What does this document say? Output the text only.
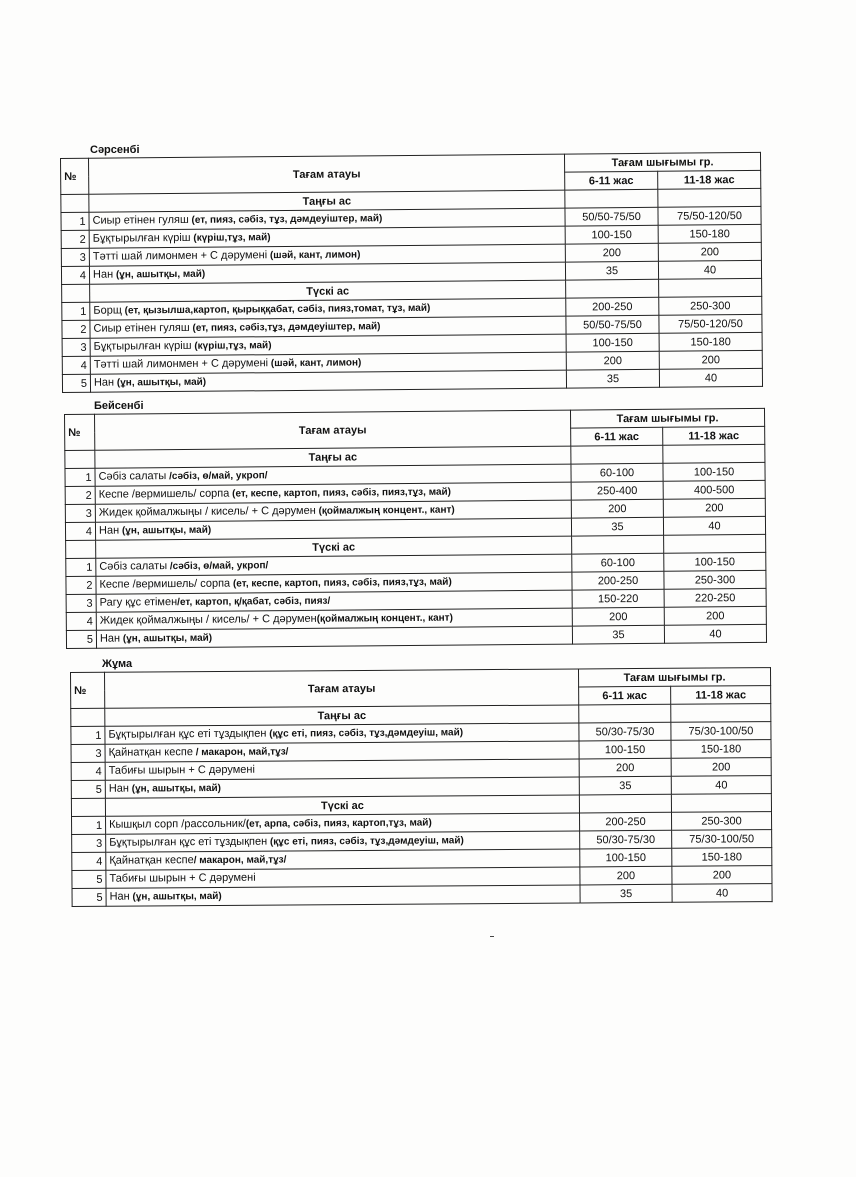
Сәрсенбі
№	Тағам атауы	Тағам шығымы гр.	
		6-11 жас	11-18 жас
	Таңғы ас		
1	Сиыр етінен гуляш (ет, пияз, сәбіз, тұз, дәмдеуіштер, май)	50/50-75/50	75/50-120/50
2	Бұқтырылған күріш (күріш,тұз, май)	100-150	150-180
3	Тәтті шай лимонмен + С дәрумені (шәй, кант, лимон)	200	200
4	Нан (ұн, ашытқы, май)	35	40
	Түскі ас		
1	Борщ (ет, қызылша,картоп, қырыққабат, сәбіз, пияз,томат, тұз, май)	200-250	250-300
2	Сиыр етінен гуляш (ет, пияз, сәбіз,тұз, дәмдеуіштер, май)	50/50-75/50	75/50-120/50
3	Бұқтырылған күріш (күріш,тұз, май)	100-150	150-180
4	Тәтті шай лимонмен + С дәрумені (шәй, кант, лимон)	200	200
5	Нан (ұн, ашытқы, май)	35	40
Бейсенбі
№	Тағам атауы	Тағам шығымы гр.	
		6-11 жас	11-18 жас
	Таңғы ас		
1	Сәбіз салаты /сәбіз, ө/май, укроп/	60-100	100-150
2	Кеспе /вермишель/ сорпа (ет, кеспе, картоп, пияз, сәбіз, пияз,тұз, май)	250-400	400-500
3	Жидек қоймалжыңы / кисель/ + С дәрумен (қоймалжың концент., кант)	200	200
4	Нан (ұн, ашытқы, май)	35	40
	Түскі ас		
1	Сәбіз салаты /сәбіз, ө/май, укроп/	60-100	100-150
2	Кеспе /вермишель/ сорпа (ет, кеспе, картоп, пияз, сәбіз, пияз,тұз, май)	200-250	250-300
3	Рагу құс етімен/ет, картоп, қ/қабат, сәбіз, пияз/	150-220	220-250
4	Жидек қоймалжыңы / кисель/ + С дәрумен(қоймалжың концент., кант)	200	200
5	Нан (ұн, ашытқы, май)	35	40
Жұма
№	Тағам атауы	Тағам шығымы гр.	
		6-11 жас	11-18 жас
	Таңғы ас		
1	Бұқтырылған құс еті тұздықпен (құс еті, пияз, сәбіз, тұз,дәмдеуіш, май)	50/30-75/30	75/30-100/50
3	Қайнатқан кеспе / макарон, май,тұз/	100-150	150-180
4	Табиғы шырын + С дәрумені	200	200
5	Нан (ұн, ашытқы, май)	35	40
	Түскі ас		
1	Кышқыл сорп /рассольник/(ет, арпа, сәбіз, пияз, картоп,тұз, май)	200-250	250-300
3	Бұқтырылған құс еті тұздықпен (құс еті, пияз, сәбіз, тұз,дәмдеуіш, май)	50/30-75/30	75/30-100/50
4	Қайнатқан кеспе/ макарон, май,тұз/	100-150	150-180
5	Табиғы шырын + С дәрумені	200	200
5	Нан (ұн, ашытқы, май)	35	40
